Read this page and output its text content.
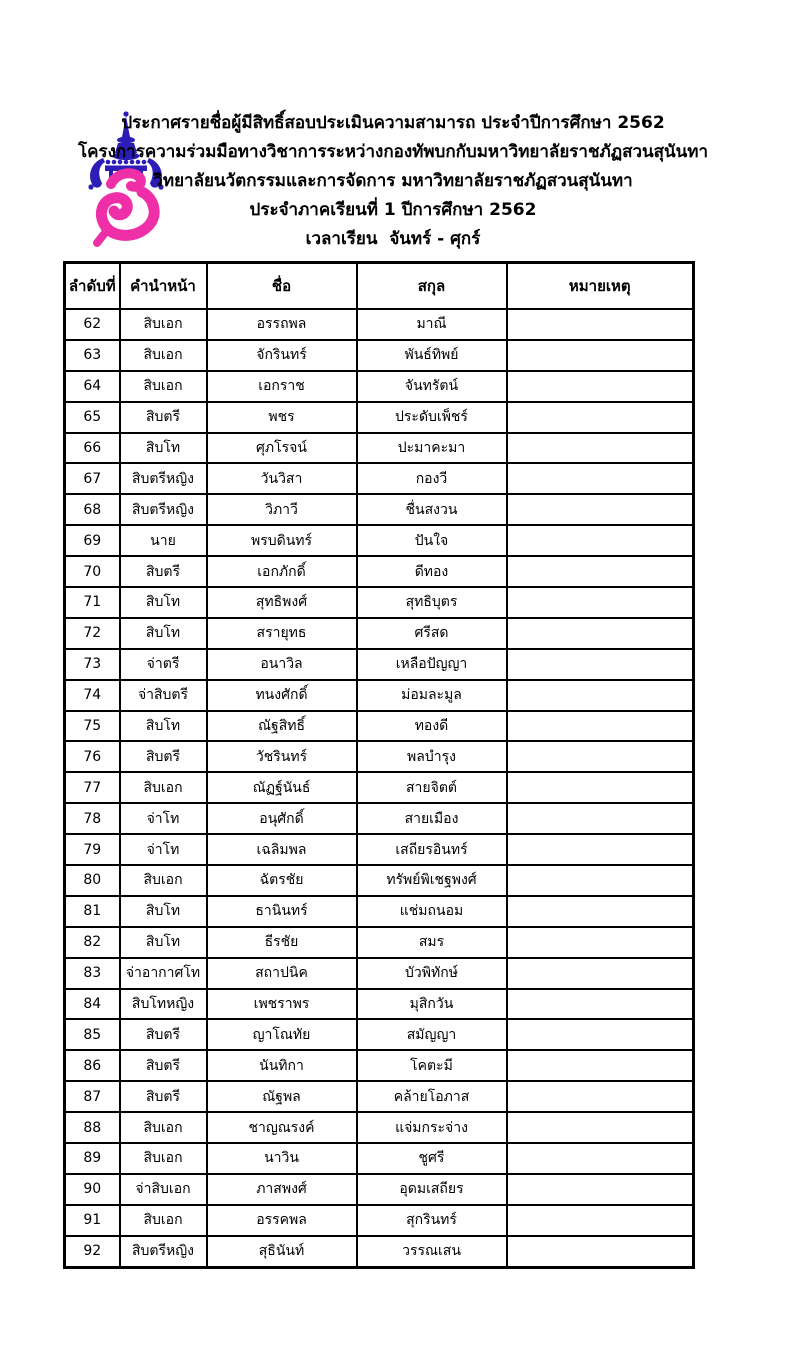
ประกาศรายชื่อผู้มีสิทธิ์สอบประเมินความสามารถ ประจำปีการศึกษา 2562
โครงการความร่วมมือทางวิชาการระหว่างกองทัพบกกับมหาวิทยาลัยราชภัฏสวนสุนันทา
วิทยาลัยนวัตกรรมและการจัดการ มหาวิทยาลัยราชภัฏสวนสุนันทา
ประจำภาคเรียนที่ 1 ปีการศึกษา 2562
เวลาเรียน  จันทร์ - ศุกร์
ลำดับที่	คำนำหน้า	ชื่อ	สกุล	หมายเหตุ
62	สิบเอก	อรรถพล	มาณี	
63	สิบเอก	จักรินทร์	พันธ์ทิพย์	
64	สิบเอก	เอกราช	จันทรัตน์	
65	สิบตรี	พชร	ประดับเพ็ชร์	
66	สิบโท	ศุภโรจน์	ปะมาคะมา	
67	สิบตรีหญิง	วันวิสา	กองวี	
68	สิบตรีหญิง	วิภาวี	ชื่นสงวน	
69	นาย	พรบดินทร์	ปันใจ	
70	สิบตรี	เอกภักดิ์	ดีทอง	
71	สิบโท	สุทธิพงศ์	สุทธิบุตร	
72	สิบโท	สรายุทธ	ศรีสด	
73	จ่าตรี	อนาวิล	เหลือปัญญา	
74	จ่าสิบตรี	ทนงศักดิ์	ม่อมละมูล	
75	สิบโท	ณัฐสิทธิ์	ทองดี	
76	สิบตรี	วัชรินทร์	พลบำรุง	
77	สิบเอก	ณัฏฐ์นันธ์	สายจิตต์	
78	จ่าโท	อนุศักดิ์	สายเมือง	
79	จ่าโท	เฉลิมพล	เสถียรอินทร์	
80	สิบเอก	ฉัตรชัย	ทรัพย์พิเชฐพงศ์	
81	สิบโท	ธานินทร์	แช่มถนอม	
82	สิบโท	ธีรชัย	สมร	
83	จ่าอากาศโท	สถาปนิค	บัวพิทักษ์	
84	สิบโทหญิง	เพชราพร	มุสิกวัน	
85	สิบตรี	ญาโณทัย	สมัญญา	
86	สิบตรี	นันทิกา	โคตะมี	
87	สิบตรี	ณัฐพล	คล้ายโอภาส	
88	สิบเอก	ชาญณรงค์	แจ่มกระจ่าง	
89	สิบเอก	นาวิน	ชูศรี	
90	จ่าสิบเอก	ภาสพงศ์	อุดมเสถียร	
91	สิบเอก	อรรคพล	สุกรินทร์	
92	สิบตรีหญิง	สุธินันท์	วรรณเสน	
